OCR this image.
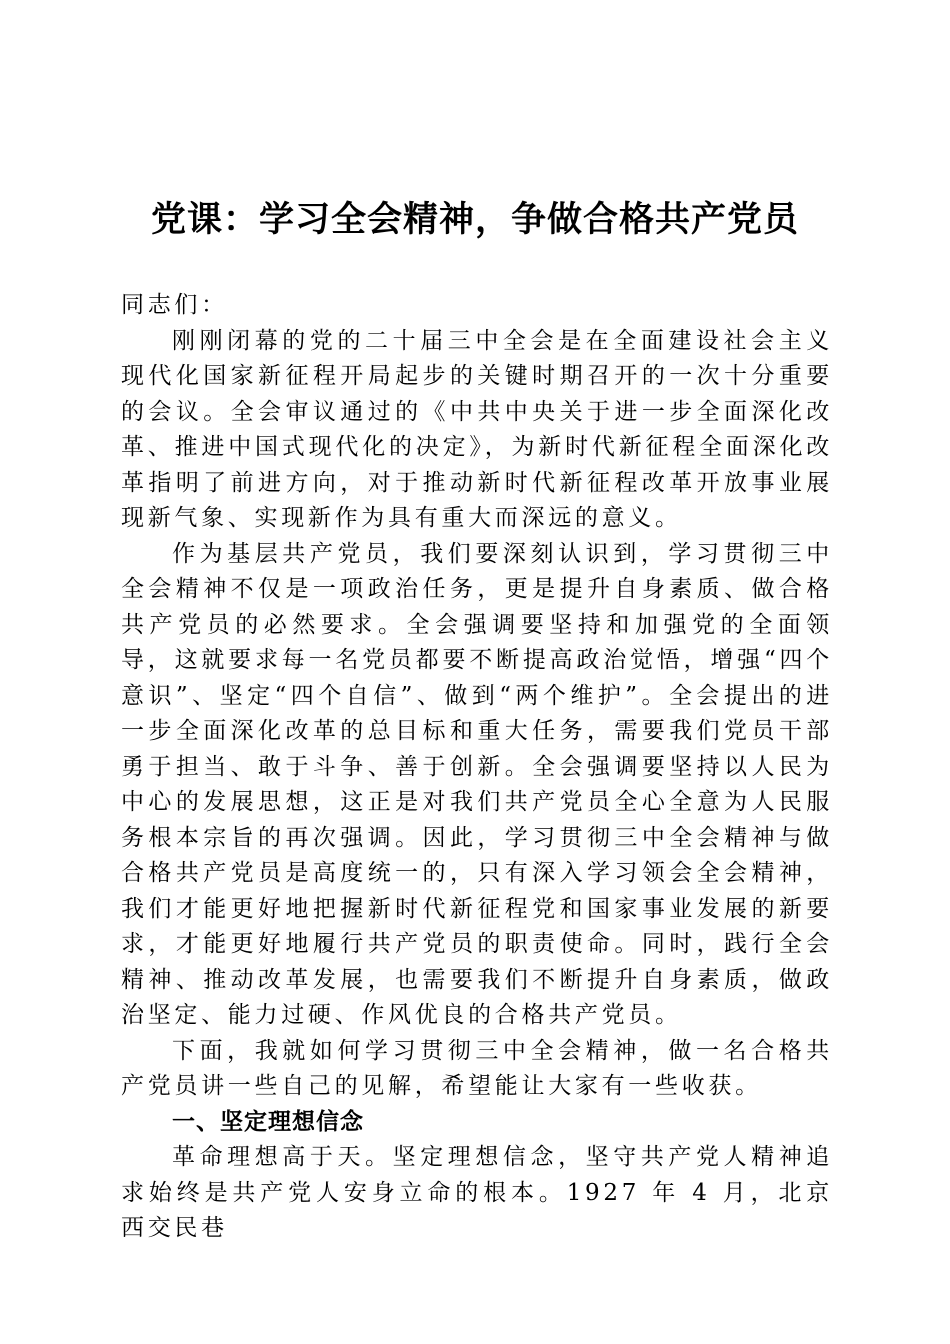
党课：学习全会精神，争做合格共产党员

同志们：

刚刚闭幕的党的二十届三中全会是在全面建设社会主义现代化国家新征程开局起步的关键时期召开的一次十分重要的会议。全会审议通过的《中共中央关于进一步全面深化改革、推进中国式现代化的决定》，为新时代新征程全面深化改革指明了前进方向，对于推动新时代新征程改革开放事业展现新气象、实现新作为具有重大而深远的意义。

作为基层共产党员，我们要深刻认识到，学习贯彻三中全会精神不仅是一项政治任务，更是提升自身素质、做合格共产党员的必然要求。全会强调要坚持和加强党的全面领导，这就要求每一名党员都要不断提高政治觉悟，增强“四个意识”、坚定“四个自信”、做到“两个维护”。全会提出的进一步全面深化改革的总目标和重大任务，需要我们党员干部勇于担当、敢于斗争、善于创新。全会强调要坚持以人民为中心的发展思想，这正是对我们共产党员全心全意为人民服务根本宗旨的再次强调。因此，学习贯彻三中全会精神与做合格共产党员是高度统一的，只有深入学习领会全会精神，我们才能更好地把握新时代新征程党和国家事业发展的新要求，才能更好地履行共产党员的职责使命。同时，践行全会精神、推动改革发展，也需要我们不断提升自身素质，做政治坚定、能力过硬、作风优良的合格共产党员。

下面，我就如何学习贯彻三中全会精神，做一名合格共产党员讲一些自己的见解，希望能让大家有一些收获。

一、坚定理想信念

革命理想高于天。坚定理想信念，坚守共产党人精神追求始终是共产党人安身立命的根本。1927 年 4 月，北京西交民巷
